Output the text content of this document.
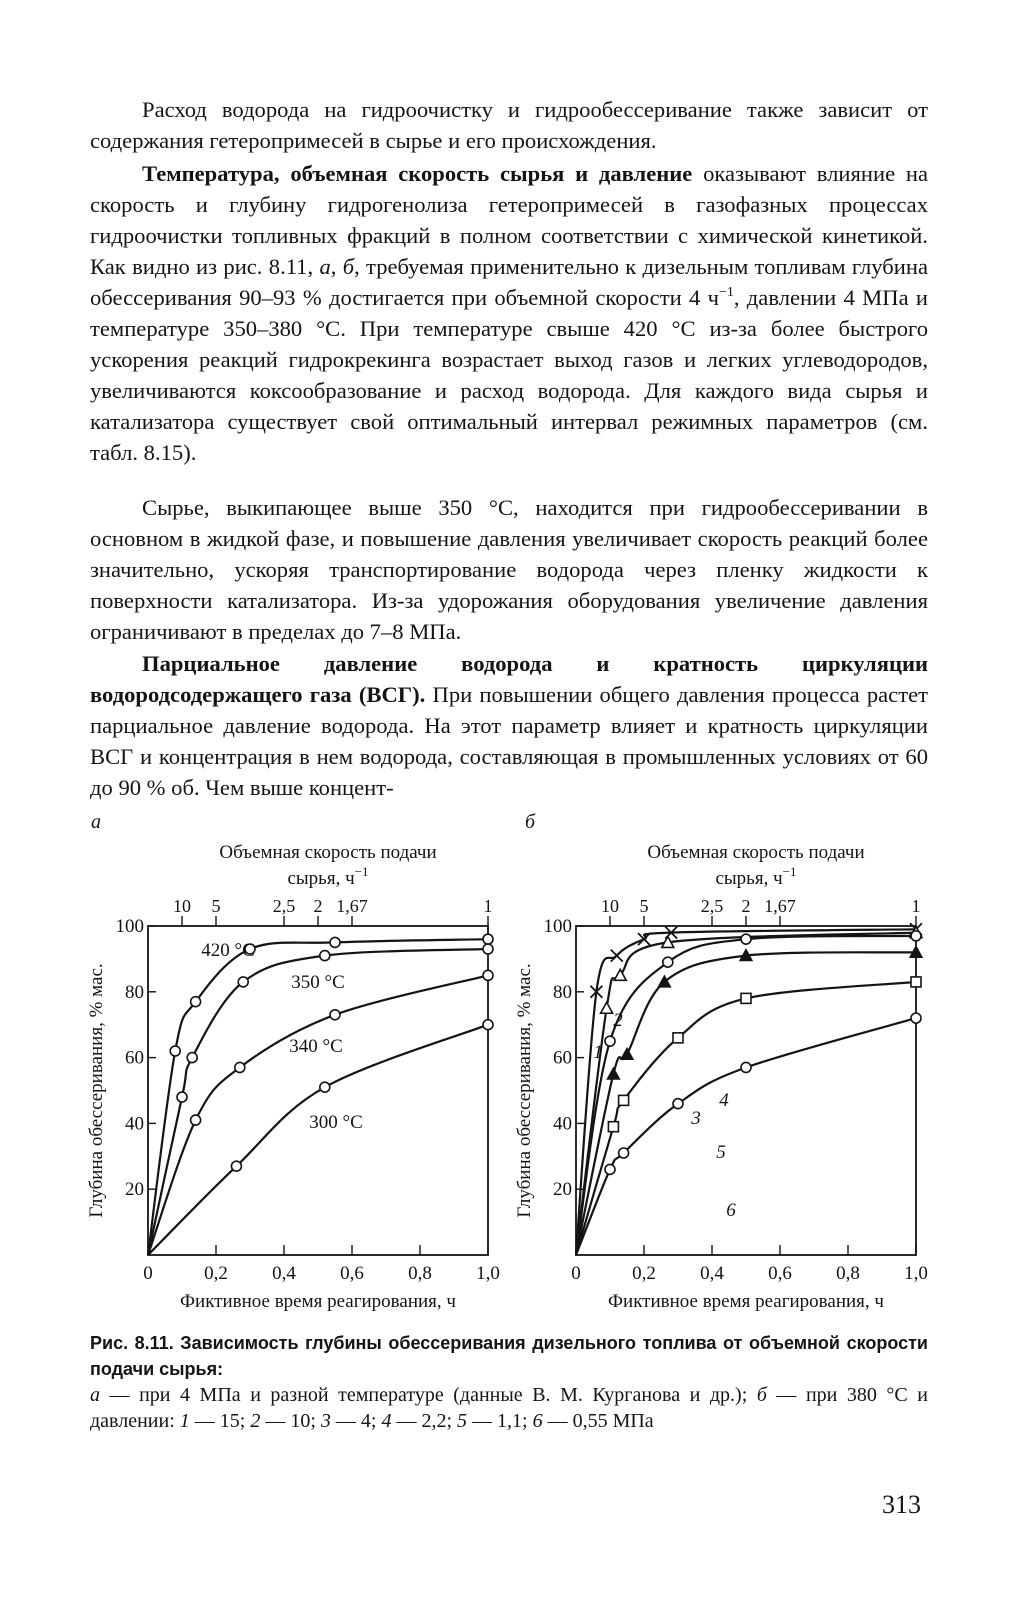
Расход водорода на гидроочистку и гидрообессеривание также зависит от содержания гетеропримесей в сырье и его происхождения.

Температура, объемная скорость сырья и давление оказывают влияние на скорость и глубину гидрогенолиза гетеропримесей в газофазных процессах гидроочистки топливных фракций в полном соответствии с химической кинетикой. Как видно из рис. 8.11, а, б, требуемая применительно к дизельным топливам глубина обессеривания 90–93 % достигается при объемной скорости 4 $ч^{-1}$, давлении 4 МПа и температуре 350–380 °С. При температуре свыше 420 °С из-за более быстрого ускорения реакций гидрокрекинга возрастает выход газов и легких углеводородов, увеличиваются коксообразование и расход водорода. Для каждого вида сырья и катализатора существует свой оптимальный интервал режимных параметров (см. табл. 8.15).

Сырье, выкипающее выше 350 °С, находится при гидрообессеривании в основном в жидкой фазе, и повышение давления увеличивает скорость реакций более значительно, ускоряя транспортирование водорода через пленку жидкости к поверхности катализатора. Из-за удорожания оборудования увеличение давления ограничивают в пределах до 7–8 МПа.

Парциальное давление водорода и кратность циркуляции водородсодержащего газа (ВСГ). При повышении общего давления процесса растет парциальное давление водорода. На этот параметр влияет и кратность циркуляции ВСГ и концентрация в нем водорода, составляющая в промышленных условиях от 60 до 90 % об. Чем выше концент-

а
Объемная скорость подачи
сырья, $ч^{-1}$
10 5	2,5 2 1,67	1
0	0,2 0,4 0,6 0,8 1,0
20
40
60
80
100
Фиктивное время реагирования, ч
Глубина обессеривания, % мас.
420 °С
350 °С
340 °С
300 °С
б
Объемная скорость подачи
сырья, $ч^{-1}$
10 5	2,5 2 1,67	1
0	0,2 0,4 0,6 0,8 1,0
20
40
60
80
100
Фиктивное время реагирования, ч
Глубина обессеривания, % мас.	1
2
3
4
5
6

Рис. 8.11. Зависимость глубины обессеривания дизельного топлива от объемной скорости подачи сырья:
а — при 4 МПа и разной температуре (данные В. М. Курганова и др.); б — при 380 °С и давлении: 1 — 15; 2 — 10; 3 — 4; 4 — 2,2; 5 — 1,1; 6 — 0,55 МПа

313
